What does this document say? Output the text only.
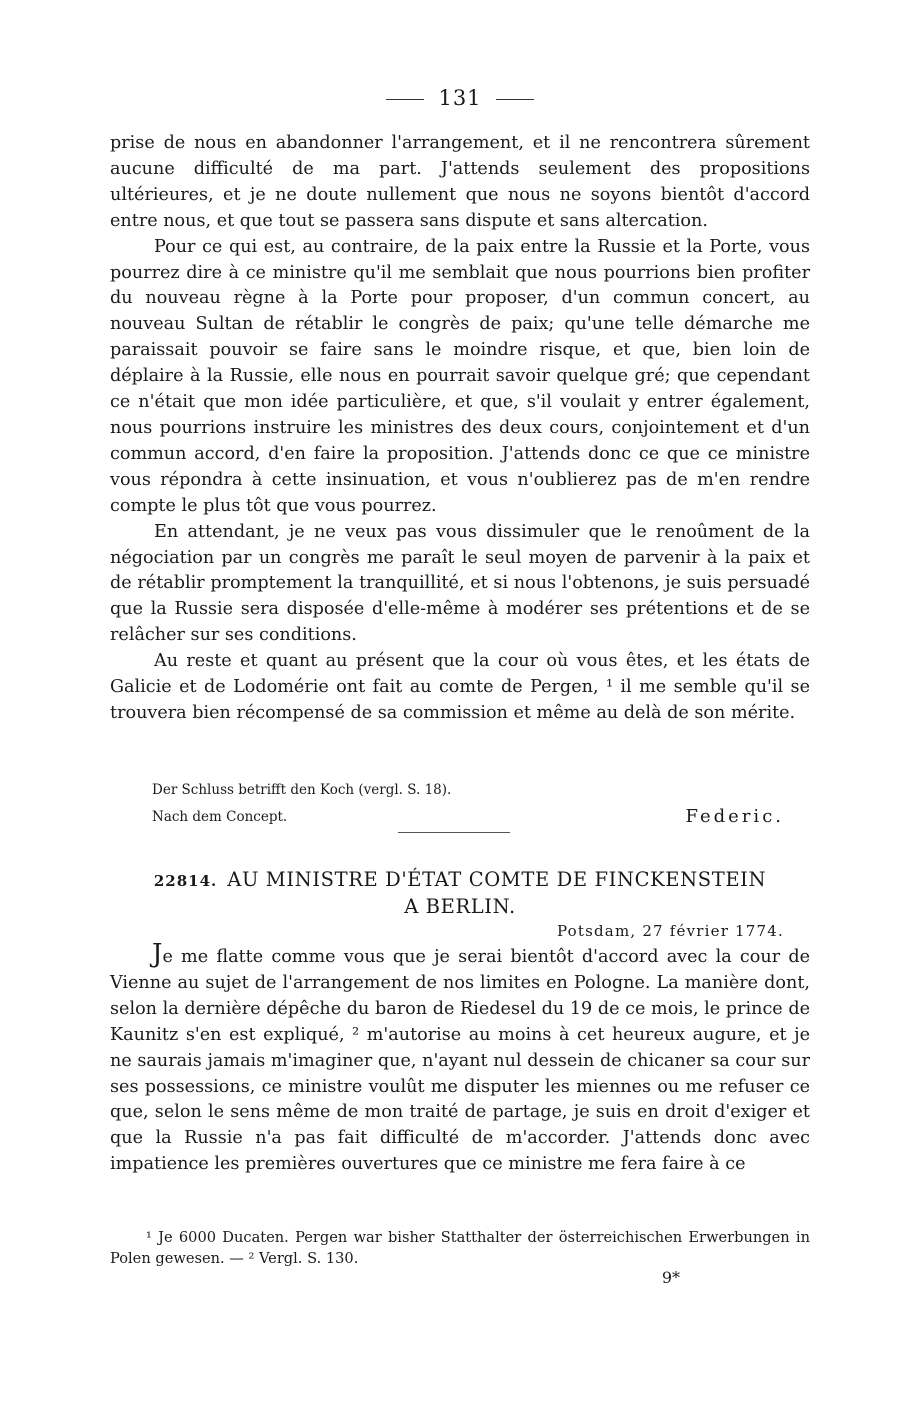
131

prise de nous en abandonner l'arrangement, et il ne rencontrera sûrement aucune difficulté de ma part. J'attends seulement des propositions ultérieures, et je ne doute nullement que nous ne soyons bientôt d'accord entre nous, et que tout se passera sans dispute et sans altercation.

Pour ce qui est, au contraire, de la paix entre la Russie et la Porte, vous pourrez dire à ce ministre qu'il me semblait que nous pourrions bien profiter du nouveau règne à la Porte pour proposer, d'un commun concert, au nouveau Sultan de rétablir le congrès de paix; qu'une telle démarche me paraissait pouvoir se faire sans le moindre risque, et que, bien loin de déplaire à la Russie, elle nous en pourrait savoir quelque gré; que cependant ce n'était que mon idée particulière, et que, s'il voulait y entrer également, nous pourrions instruire les ministres des deux cours, conjointement et d'un commun accord, d'en faire la proposition. J'attends donc ce que ce ministre vous répondra à cette insinuation, et vous n'oublierez pas de m'en rendre compte le plus tôt que vous pourrez.

En attendant, je ne veux pas vous dissimuler que le renoûment de la négociation par un congrès me paraît le seul moyen de parvenir à la paix et de rétablir promptement la tranquillité, et si nous l'obtenons, je suis persuadé que la Russie sera disposée d'elle-même à modérer ses prétentions et de se relâcher sur ses conditions.

Au reste et quant au présent que la cour où vous êtes, et les états de Galicie et de Lodomérie ont fait au comte de Pergen, ¹ il me semble qu'il se trouvera bien récompensé de sa commission et même au delà de son mérite.

Der Schluss betrifft den Koch (vergl. S. 18).
Nach dem Concept.	Federic.
22814. AU MINISTRE D'ÉTAT COMTE DE FINCKENSTEIN
A BERLIN.
Potsdam, 27 février 1774.

Je me flatte comme vous que je serai bientôt d'accord avec la cour de Vienne au sujet de l'arrangement de nos limites en Pologne. La manière dont, selon la dernière dépêche du baron de Riedesel du 19 de ce mois, le prince de Kaunitz s'en est expliqué, ² m'autorise au moins à cet heureux augure, et je ne saurais jamais m'imaginer que, n'ayant nul dessein de chicaner sa cour sur ses possessions, ce ministre voulût me disputer les miennes ou me refuser ce que, selon le sens même de mon traité de partage, je suis en droit d'exiger et que la Russie n'a pas fait difficulté de m'accorder. J'attends donc avec impatience les premières ouvertures que ce ministre me fera faire à ce

¹ Je 6000 Ducaten. Pergen war bisher Statthalter der österreichischen Erwerbungen in Polen gewesen. — ² Vergl. S. 130.

9*
